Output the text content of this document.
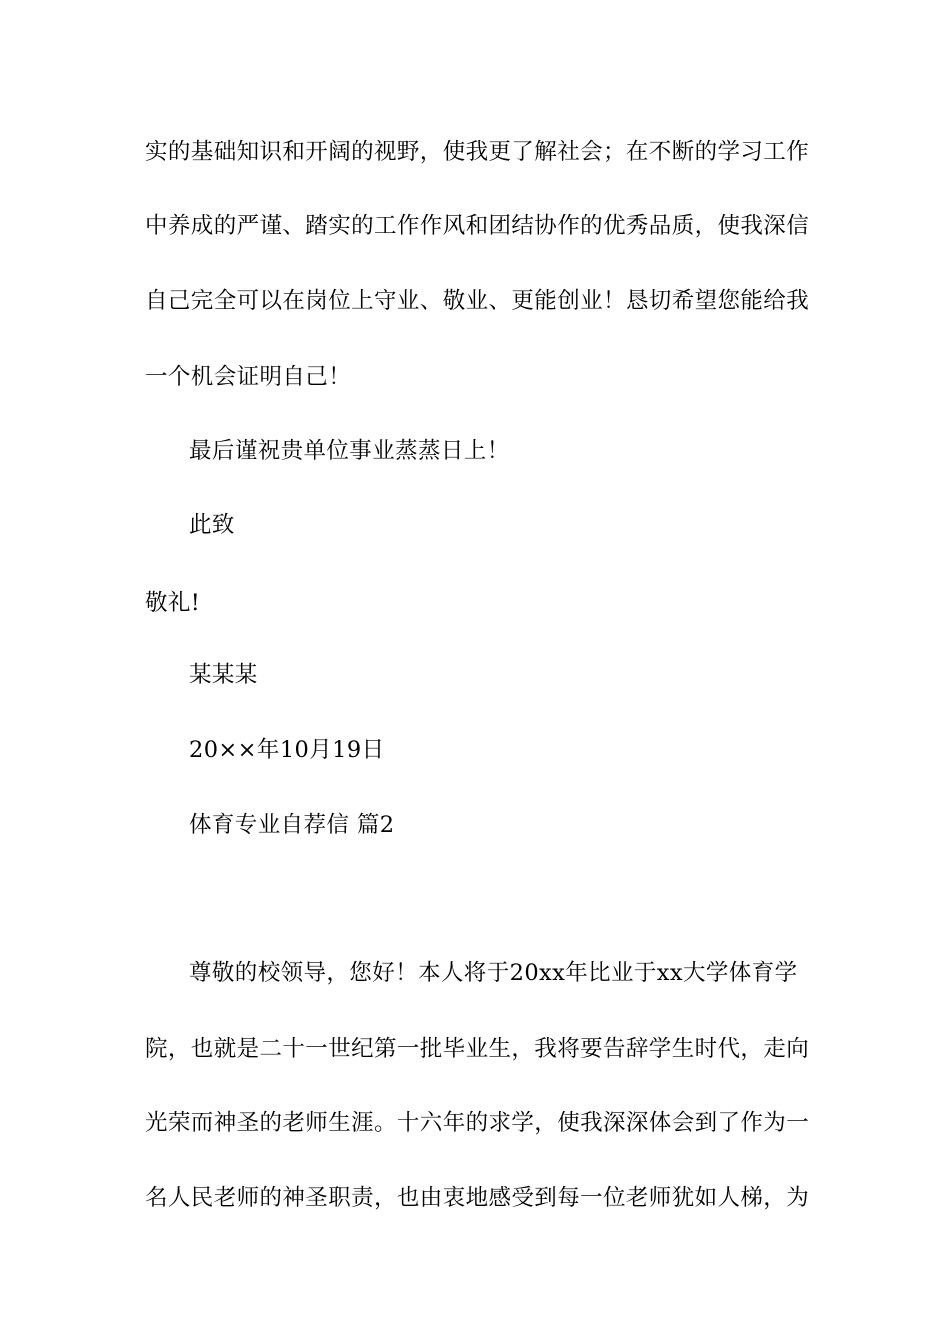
实的基础知识和开阔的视野，使我更了解社会；在不断的学习工作
中养成的严谨、踏实的工作作风和团结协作的优秀品质，使我深信
自己完全可以在岗位上守业、敬业、更能创业！恳切希望您能给我
一个机会证明自己！
最后谨祝贵单位事业蒸蒸日上！
此致
敬礼!
某某某
20××年10月19日
体育专业自荐信 篇2
尊敬的校领导，您好！本人将于20xx年比业于xx大学体育学
院，也就是二十一世纪第一批毕业生，我将要告辞学生时代，走向
光荣而神圣的老师生涯。十六年的求学，使我深深体会到了作为一
名人民老师的神圣职责，也由衷地感受到每一位老师犹如人梯，为
